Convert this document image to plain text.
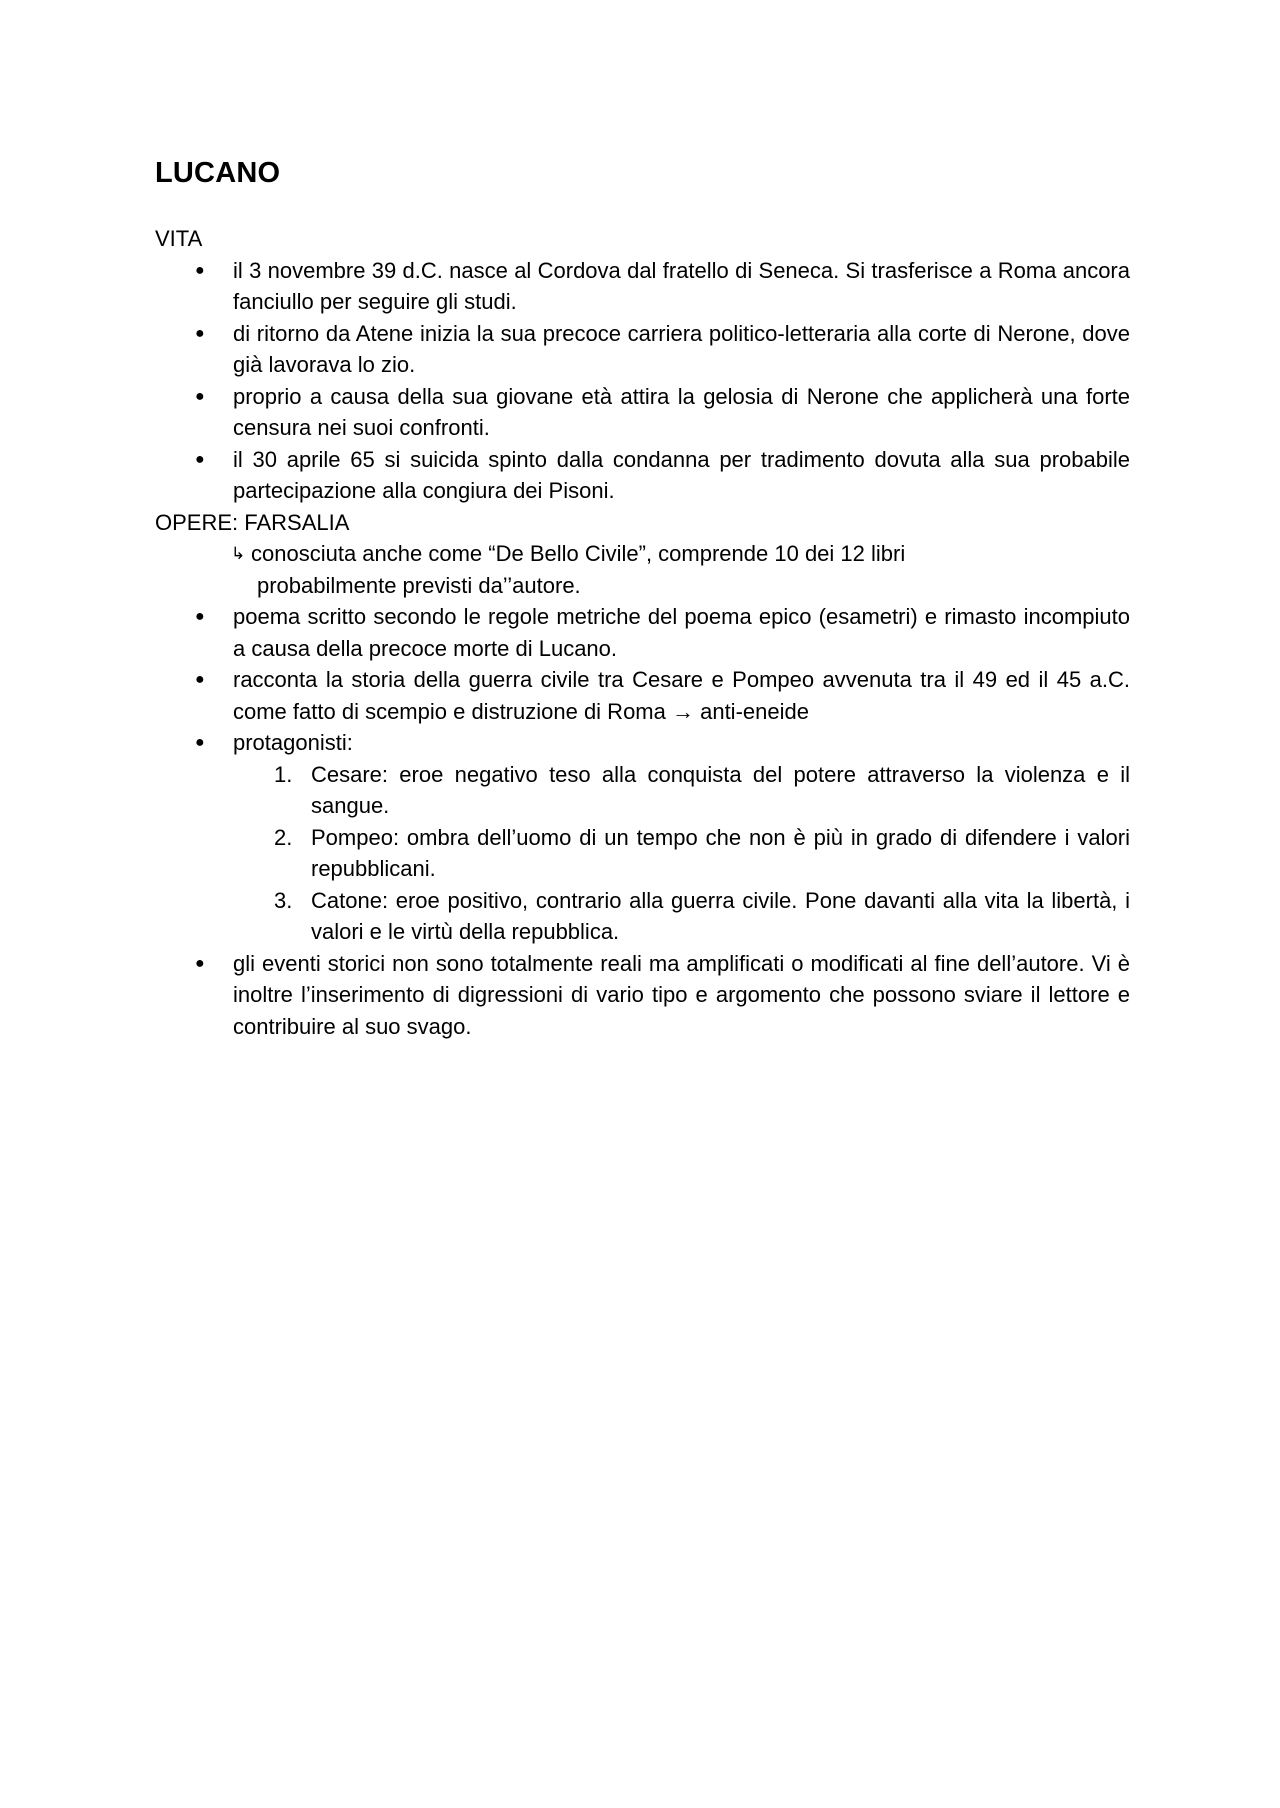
LUCANO
VITA
● il 3 novembre 39 d.C. nasce al Cordova dal fratello di Seneca. Si trasferisce a Roma ancora fanciullo per seguire gli studi.
● di ritorno da Atene inizia la sua precoce carriera politico-letteraria alla corte di Nerone, dove già lavorava lo zio.
● proprio a causa della sua giovane età attira la gelosia di Nerone che applicherà una forte censura nei suoi confronti.
● il 30 aprile 65 si suicida spinto dalla condanna per tradimento dovuta alla sua probabile partecipazione alla congiura dei Pisoni.
OPERE: FARSALIA
↳ conosciuta anche come “De Bello Civile”, comprende 10 dei 12 libri
probabilmente previsti da’’autore.
● poema scritto secondo le regole metriche del poema epico (esametri) e rimasto incompiuto a causa della precoce morte di Lucano.
● racconta la storia della guerra civile tra Cesare e Pompeo avvenuta tra il 49 ed il 45 a.C. come fatto di scempio e distruzione di Roma → anti-eneide
● protagonisti:
1. Cesare: eroe negativo teso alla conquista del potere attraverso la violenza e il sangue.
2. Pompeo: ombra dell’uomo di un tempo che non è più in grado di difendere i valori repubblicani.
3. Catone: eroe positivo, contrario alla guerra civile. Pone davanti alla vita la libertà, i valori e le virtù della repubblica.
● gli eventi storici non sono totalmente reali ma amplificati o modificati al fine dell’autore. Vi è inoltre l’inserimento di digressioni di vario tipo e argomento che possono sviare il lettore e contribuire al suo svago.
